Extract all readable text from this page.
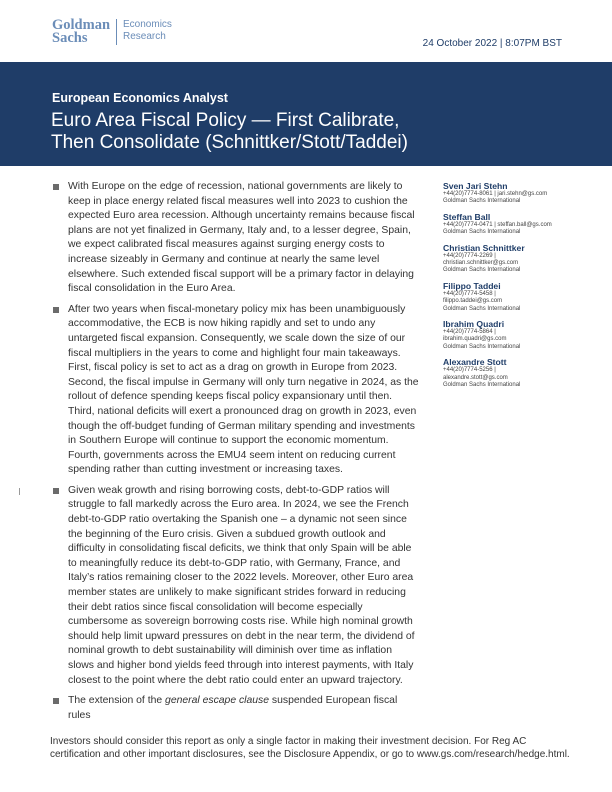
Goldman
Sachs
Economics
Research
24 October 2022 | 8:07PM BST
European Economics Analyst
Euro Area Fiscal Policy — First Calibrate, Then Consolidate (Schnittker/Stott/Taddei)
With Europe on the edge of recession, national governments are likely to keep in place energy related fiscal measures well into 2023 to cushion the expected Euro area recession. Although uncertainty remains because fiscal plans are not yet finalized in Germany, Italy and, to a lesser degree, Spain, we expect calibrated fiscal measures against surging energy costs to increase sizeably in Germany and continue at nearly the same level elsewhere. Such extended fiscal support will be a primary factor in delaying fiscal consolidation in the Euro Area.
After two years when fiscal-monetary policy mix has been unambiguously accommodative, the ECB is now hiking rapidly and set to undo any untargeted fiscal expansion. Consequently, we scale down the size of our fiscal multipliers in the years to come and highlight four main takeaways. First, fiscal policy is set to act as a drag on growth in Europe from 2023. Second, the fiscal impulse in Germany will only turn negative in 2024, as the rollout of defence spending keeps fiscal policy expansionary until then. Third, national deficits will exert a pronounced drag on growth in 2023, even though the off-budget funding of German military spending and investments in Southern Europe will continue to support the economic momentum. Fourth, governments across the EMU4 seem intent on reducing current spending rather than cutting investment or increasing taxes.
Given weak growth and rising borrowing costs, debt-to-GDP ratios will struggle to fall markedly across the Euro area. In 2024, we see the French debt-to-GDP ratio overtaking the Spanish one – a dynamic not seen since the beginning of the Euro crisis. Given a subdued growth outlook and difficulty in consolidating fiscal deficits, we think that only Spain will be able to meaningfully reduce its debt-to-GDP ratio, with Germany, France, and Italy’s ratios remaining closer to the 2022 levels. Moreover, other Euro area member states are unlikely to make significant strides forward in reducing their debt ratios since fiscal consolidation will become especially cumbersome as sovereign borrowing costs rise. While high nominal growth should help limit upward pressures on debt in the near term, the dividend of nominal growth to debt sustainability will diminish over time as inflation slows and higher bond yields feed through into interest payments, with Italy closest to the point where the debt ratio could enter an upward trajectory.
The extension of the general escape clause suspended European fiscal rules
Sven Jari Stehn
+44(20)7774-8061 | jari.stehn@gs.com
Goldman Sachs International
Steffan Ball
+44(20)7774-0471 | steffan.ball@gs.com
Goldman Sachs International
Christian Schnittker
+44(20)7774-2269 |
christian.schnittker@gs.com
Goldman Sachs International
Filippo Taddei
+44(20)7774-5458 |
filippo.taddei@gs.com
Goldman Sachs International
Ibrahim Quadri
+44(20)7774-5864 |
ibrahim.quadri@gs.com
Goldman Sachs International
Alexandre Stott
+44(20)7774-5256 |
alexandre.stott@gs.com
Goldman Sachs International
Investors should consider this report as only a single factor in making their investment decision. For Reg AC certification and other important disclosures, see the Disclosure Appendix, or go to www.gs.com/research/hedge.html.
